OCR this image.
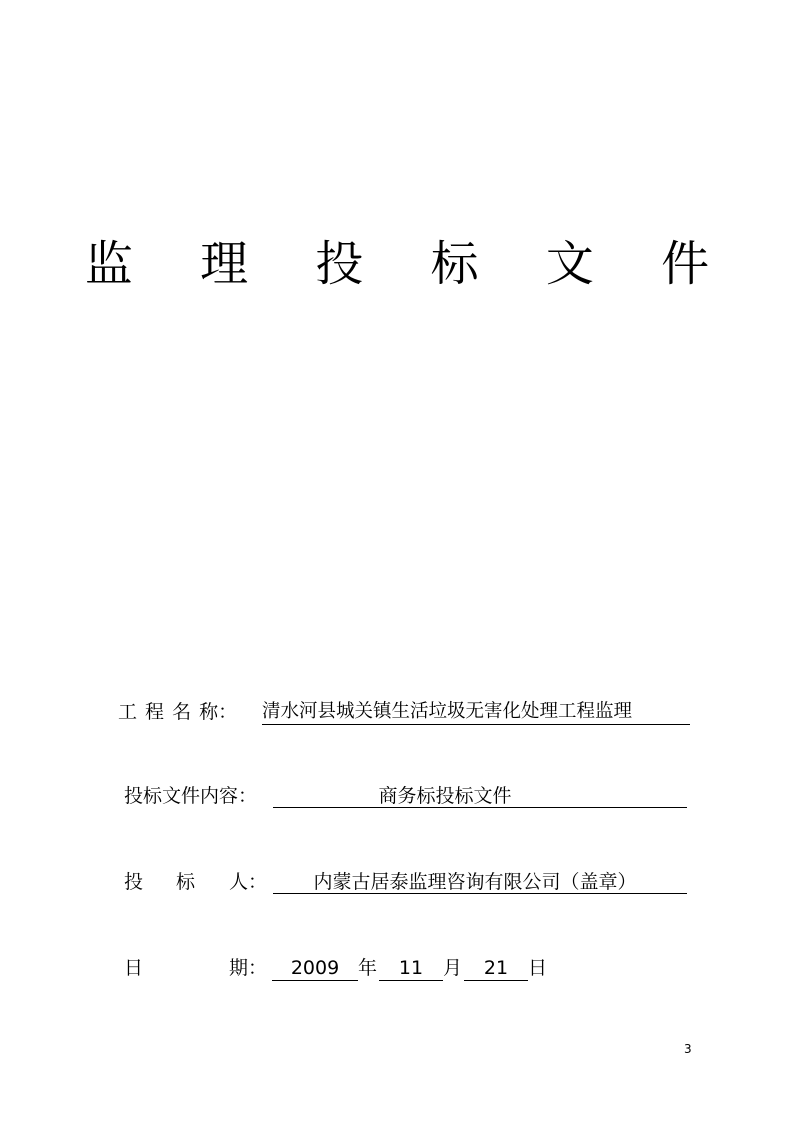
监 理 投 标 文 件
工 程 名 称： 清水河县城关镇生活垃圾无害化处理工程监理
投标文件内容：	商务标投标文件
投 标 人：	内蒙古居泰监理咨询有限公司（盖章）
日	期：	2009 年	11	月	21	日
3
